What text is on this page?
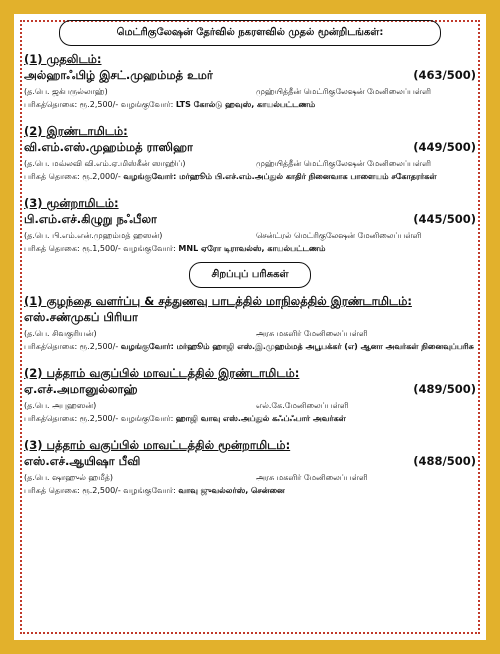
மெட்ரிகுலேஷன் தேர்வில் நகரளவில் முதல் மூன்றிடங்கள்:
(1) முதலிடம்:
அல்ஹாஃபிழ் இசட்.முஹம்மத் உமர்	(463/500)
(த.பெ. ஜக்பருல்லாஹ்)	முஹ்யித்தீன் மெட்ரிகுலேஷன் மேனிலைப்பள்ளி
பரிசுத்தொகை: ரூ.2,500/- வழங்குவோர்: LTS கோல்டு ஹவுஸ், காயல்பட்டணம்
(2) இரண்டாமிடம்:
வி.எம்.எஸ்.முஹம்மத் ராஸிஹா	(449/500)
(த.பெ. மவ்லவி வி.எம்.ஏ.மிஸ்கீன் ஸாஹிப்)	முஹ்யித்தீன் மெட்ரிகுலேஷன் மேனிலைப்பள்ளி
பரிசுத் தொகை: ரூ.2,000/- வழங்குவோர்: மர்ஹூம் பி.எச்.எம்.அப்துல் காதிர் நினைவாக பாளையம் சகோதரர்கள்
(3) மூன்றாமிடம்:
பி.எம்.எச்.கிழுறு நஃபீலா	(445/500)
(த.பெ. பி.எம்.என்.முஹம்மத் ஹஸன்)	சென்ட்ரல் மெட்ரிகுலேஷன் மேனிலைப்பள்ளி
பரிசுத் தொகை: ரூ.1,500/- வழங்குவோர்: MNL ஏரோ டிராவல்ஸ், காயல்பட்டணம்
சிறப்புப் பரிசுகள்
(1) குழந்தை வளர்ப்பு & சத்துணவு பாடத்தில் மாநிலத்தில் இரண்டாமிடம்:
எஸ்.சண்முகப் பிரியா
(த.பெ. சிவகுரியன்)	அரசு மகளிர் மேனிலைப்பள்ளி
பரிசுத்தொகை: ரூ.2,500/- வழங்குவோர்: மர்ஹூம் ஹாஜி எஸ்.இ.முஹம்மத் அபூபக்கர் (எ) ஆனா அவர்கள் நினைவுப்பரிசு
(2) பத்தாம் வகுப்பில் மாவட்டத்தில் இரண்டாமிடம்:
ஏ.எச்.அமானுல்லாஹ்	(489/500)
(த.பெ. அபுஹஸன்)	எல்.கே.மேனிலைப்பள்ளி
பரிசுத்தொகை: ரூ.2,500/- வழங்குவோர்: ஹாஜி வாவு எஸ்.அப்துல் கஃப்ஃபார் அவர்கள்
(3) பத்தாம் வகுப்பில் மாவட்டத்தில் மூன்றாமிடம்:
எஸ்.எச்.ஆயிஷா பீவி	(488/500)
(த.பெ. ஷாஹுல் ஹமீத்)	அரசு மகளிர் மேனிலைப்பள்ளி
பரிசுத் தொகை: ரூ.2,500/- வழங்குவோர்: வாவு ஜுவல்லர்ஸ், சென்னை
